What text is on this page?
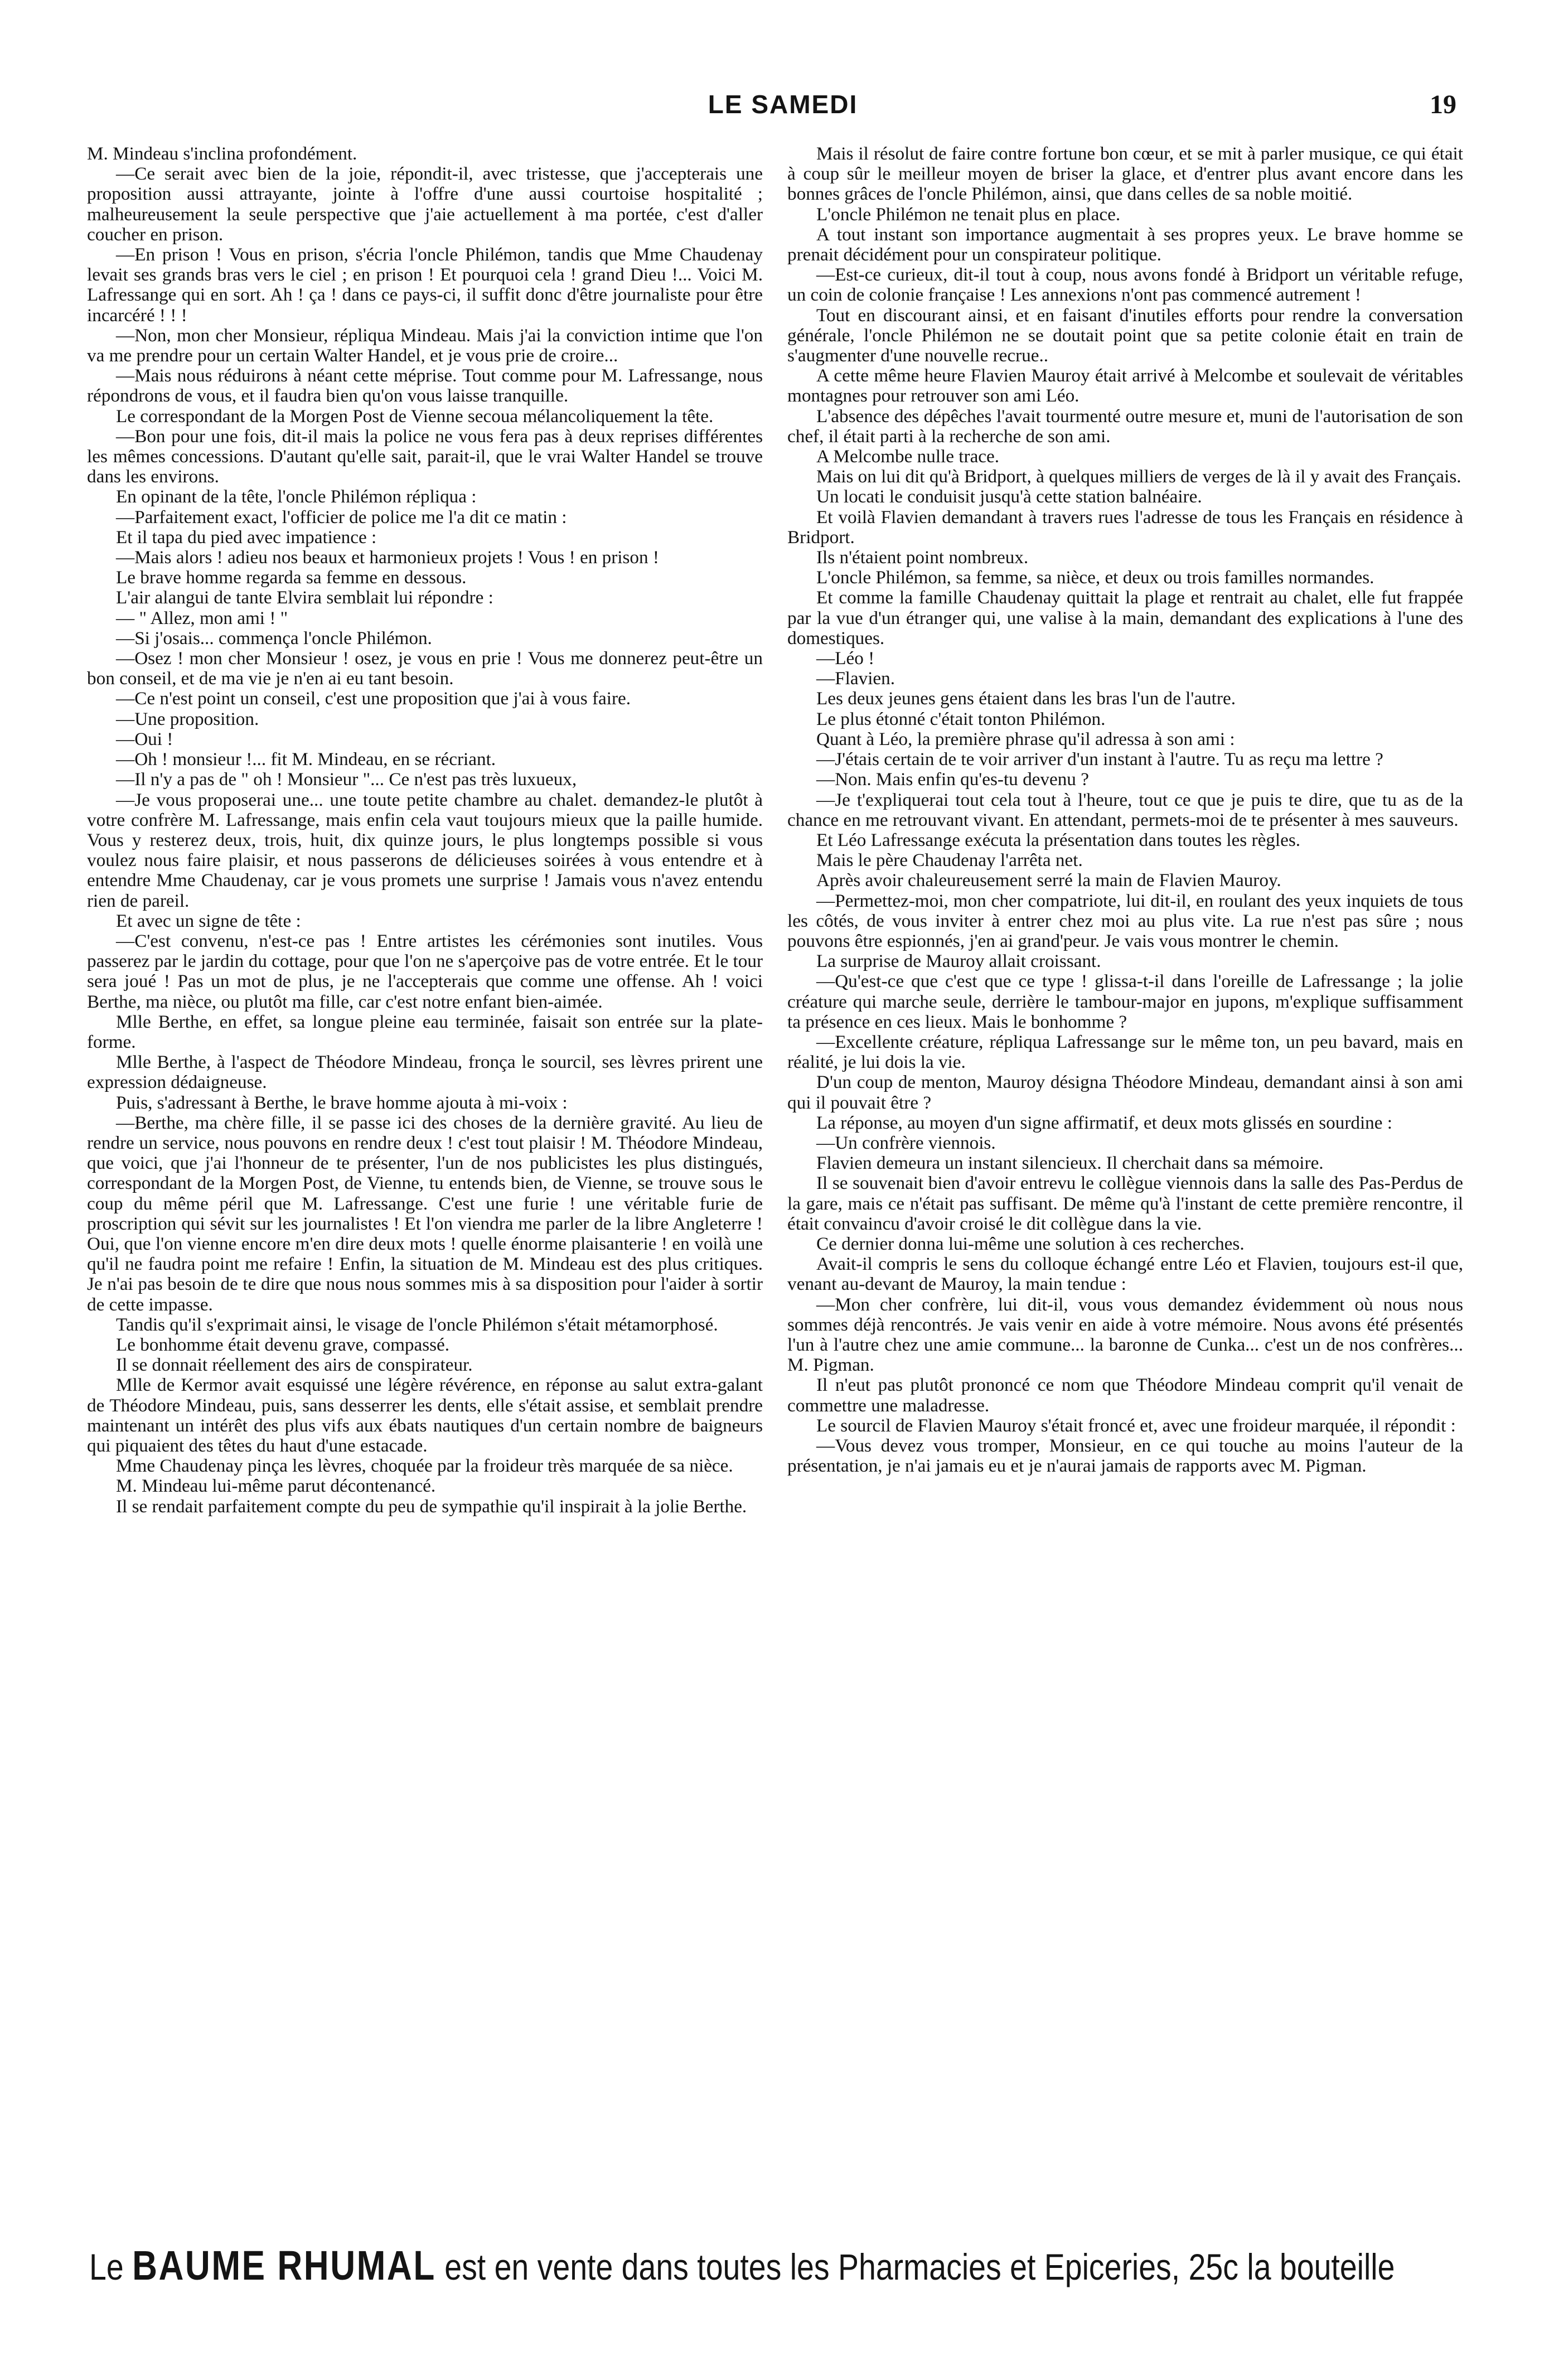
LE SAMEDI	19

M. Mindeau s'inclina profondément.

—Ce serait avec bien de la joie, répondit-il, avec tristesse, que j'accepterais une proposition aussi attrayante, jointe à l'offre d'une aussi courtoise hospitalité ; malheureusement la seule perspective que j'aie actuellement à ma portée, c'est d'aller coucher en prison.

—En prison ! Vous en prison, s'écria l'oncle Philémon, tandis que Mme Chaudenay levait ses grands bras vers le ciel ; en prison ! Et pourquoi cela ! grand Dieu !... Voici M. Lafressange qui en sort. Ah ! ça ! dans ce pays-ci, il suffit donc d'être journaliste pour être incarcéré ! ! !

—Non, mon cher Monsieur, répliqua Mindeau. Mais j'ai la conviction intime que l'on va me prendre pour un certain Walter Handel, et je vous prie de croire...

—Mais nous réduirons à néant cette méprise. Tout comme pour M. Lafressange, nous répondrons de vous, et il faudra bien qu'on vous laisse tranquille.

Le correspondant de la Morgen Post de Vienne secoua mélancoliquement la tête.

—Bon pour une fois, dit-il mais la police ne vous fera pas à deux reprises différentes les mêmes concessions. D'autant qu'elle sait, parait-il, que le vrai Walter Handel se trouve dans les environs.

En opinant de la tête, l'oncle Philémon répliqua :

—Parfaitement exact, l'officier de police me l'a dit ce matin :

Et il tapa du pied avec impatience :

—Mais alors ! adieu nos beaux et harmonieux projets ! Vous ! en prison !

Le brave homme regarda sa femme en dessous.

L'air alangui de tante Elvira semblait lui répondre :

— " Allez, mon ami ! "

—Si j'osais... commença l'oncle Philémon.

—Osez ! mon cher Monsieur ! osez, je vous en prie ! Vous me donnerez peut-être un bon conseil, et de ma vie je n'en ai eu tant besoin.

—Ce n'est point un conseil, c'est une proposition que j'ai à vous faire.

—Une proposition.

—Oui !

—Oh ! monsieur !... fit M. Mindeau, en se récriant.

—Il n'y a pas de " oh ! Monsieur "... Ce n'est pas très luxueux,

—Je vous proposerai une... une toute petite chambre au chalet. demandez-le plutôt à votre confrère M. Lafressange, mais enfin cela vaut toujours mieux que la paille humide. Vous y resterez deux, trois, huit, dix quinze jours, le plus longtemps possible si vous voulez nous faire plaisir, et nous passerons de délicieuses soirées à vous entendre et à entendre Mme Chaudenay, car je vous promets une surprise ! Jamais vous n'avez entendu rien de pareil.

Et avec un signe de tête :

—C'est convenu, n'est-ce pas ! Entre artistes les cérémonies sont inutiles. Vous passerez par le jardin du cottage, pour que l'on ne s'aperçoive pas de votre entrée. Et le tour sera joué ! Pas un mot de plus, je ne l'accepterais que comme une offense. Ah ! voici Berthe, ma nièce, ou plutôt ma fille, car c'est notre enfant bien-aimée.

Mlle Berthe, en effet, sa longue pleine eau terminée, faisait son entrée sur la plate-forme.

Mlle Berthe, à l'aspect de Théodore Mindeau, fronça le sourcil, ses lèvres prirent une expression dédaigneuse.

Puis, s'adressant à Berthe, le brave homme ajouta à mi-voix :

—Berthe, ma chère fille, il se passe ici des choses de la dernière gravité. Au lieu de rendre un service, nous pouvons en rendre deux ! c'est tout plaisir ! M. Théodore Mindeau, que voici, que j'ai l'honneur de te présenter, l'un de nos publicistes les plus distingués, correspondant de la Morgen Post, de Vienne, tu entends bien, de Vienne, se trouve sous le coup du même péril que M. Lafressange. C'est une furie ! une véritable furie de proscription qui sévit sur les journalistes ! Et l'on viendra me parler de la libre Angleterre ! Oui, que l'on vienne encore m'en dire deux mots ! quelle énorme plaisanterie ! en voilà une qu'il ne faudra point me refaire ! Enfin, la situation de M. Mindeau est des plus critiques. Je n'ai pas besoin de te dire que nous nous sommes mis à sa disposition pour l'aider à sortir de cette impasse.

Tandis qu'il s'exprimait ainsi, le visage de l'oncle Philémon s'était métamorphosé.

Le bonhomme était devenu grave, compassé.

Il se donnait réellement des airs de conspirateur.

Mlle de Kermor avait esquissé une légère révérence, en réponse au salut extra-galant de Théodore Mindeau, puis, sans desserrer les dents, elle s'était assise, et semblait prendre maintenant un intérêt des plus vifs aux ébats nautiques d'un certain nombre de baigneurs qui piquaient des têtes du haut d'une estacade.

Mme Chaudenay pinça les lèvres, choquée par la froideur très marquée de sa nièce.

M. Mindeau lui-même parut décontenancé.

Il se rendait parfaitement compte du peu de sympathie qu'il inspirait à la jolie Berthe.

Mais il résolut de faire contre fortune bon cœur, et se mit à parler musique, ce qui était à coup sûr le meilleur moyen de briser la glace, et d'entrer plus avant encore dans les bonnes grâces de l'oncle Philémon, ainsi, que dans celles de sa noble moitié.

L'oncle Philémon ne tenait plus en place.

A tout instant son importance augmentait à ses propres yeux. Le brave homme se prenait décidément pour un conspirateur politique.

—Est-ce curieux, dit-il tout à coup, nous avons fondé à Bridport un véritable refuge, un coin de colonie française ! Les annexions n'ont pas commencé autrement !

Tout en discourant ainsi, et en faisant d'inutiles efforts pour rendre la conversation générale, l'oncle Philémon ne se doutait point que sa petite colonie était en train de s'augmenter d'une nouvelle recrue..

A cette même heure Flavien Mauroy était arrivé à Melcombe et soulevait de véritables montagnes pour retrouver son ami Léo.

L'absence des dépêches l'avait tourmenté outre mesure et, muni de l'autorisation de son chef, il était parti à la recherche de son ami.

A Melcombe nulle trace.

Mais on lui dit qu'à Bridport, à quelques milliers de verges de là il y avait des Français.

Un locati le conduisit jusqu'à cette station balnéaire.

Et voilà Flavien demandant à travers rues l'adresse de tous les Français en résidence à Bridport.

Ils n'étaient point nombreux.

L'oncle Philémon, sa femme, sa nièce, et deux ou trois familles normandes.

Et comme la famille Chaudenay quittait la plage et rentrait au chalet, elle fut frappée par la vue d'un étranger qui, une valise à la main, demandant des explications à l'une des domestiques.

—Léo !

—Flavien.

Les deux jeunes gens étaient dans les bras l'un de l'autre.

Le plus étonné c'était tonton Philémon.

Quant à Léo, la première phrase qu'il adressa à son ami :

—J'étais certain de te voir arriver d'un instant à l'autre. Tu as reçu ma lettre ?

—Non. Mais enfin qu'es-tu devenu ?

—Je t'expliquerai tout cela tout à l'heure, tout ce que je puis te dire, que tu as de la chance en me retrouvant vivant. En attendant, permets-moi de te présenter à mes sauveurs.

Et Léo Lafressange exécuta la présentation dans toutes les règles.

Mais le père Chaudenay l'arrêta net.

Après avoir chaleureusement serré la main de Flavien Mauroy.

—Permettez-moi, mon cher compatriote, lui dit-il, en roulant des yeux inquiets de tous les côtés, de vous inviter à entrer chez moi au plus vite. La rue n'est pas sûre ; nous pouvons être espionnés, j'en ai grand'peur. Je vais vous montrer le chemin.

La surprise de Mauroy allait croissant.

—Qu'est-ce que c'est que ce type ! glissa-t-il dans l'oreille de Lafressange ; la jolie créature qui marche seule, derrière le tambour-major en jupons, m'explique suffisamment ta présence en ces lieux. Mais le bonhomme ?

—Excellente créature, répliqua Lafressange sur le même ton, un peu bavard, mais en réalité, je lui dois la vie.

D'un coup de menton, Mauroy désigna Théodore Mindeau, demandant ainsi à son ami qui il pouvait être ?

La réponse, au moyen d'un signe affirmatif, et deux mots glissés en sourdine :

—Un confrère viennois.

Flavien demeura un instant silencieux. Il cherchait dans sa mémoire.

Il se souvenait bien d'avoir entrevu le collègue viennois dans la salle des Pas-Perdus de la gare, mais ce n'était pas suffisant. De même qu'à l'instant de cette première rencontre, il était convaincu d'avoir croisé le dit collègue dans la vie.

Ce dernier donna lui-même une solution à ces recherches.

Avait-il compris le sens du colloque échangé entre Léo et Flavien, toujours est-il que, venant au-devant de Mauroy, la main tendue :

—Mon cher confrère, lui dit-il, vous vous demandez évidemment où nous nous sommes déjà rencontrés. Je vais venir en aide à votre mémoire. Nous avons été présentés l'un à l'autre chez une amie commune... la baronne de Cunka... c'est un de nos confrères... M. Pigman.

Il n'eut pas plutôt prononcé ce nom que Théodore Mindeau comprit qu'il venait de commettre une maladresse.

Le sourcil de Flavien Mauroy s'était froncé et, avec une froideur marquée, il répondit :

—Vous devez vous tromper, Monsieur, en ce qui touche au moins l'auteur de la présentation, je n'ai jamais eu et je n'aurai jamais de rapports avec M. Pigman.

Le BAUME RHUMAL est en vente dans toutes les Pharmacies et Epiceries, 25c la bouteille
